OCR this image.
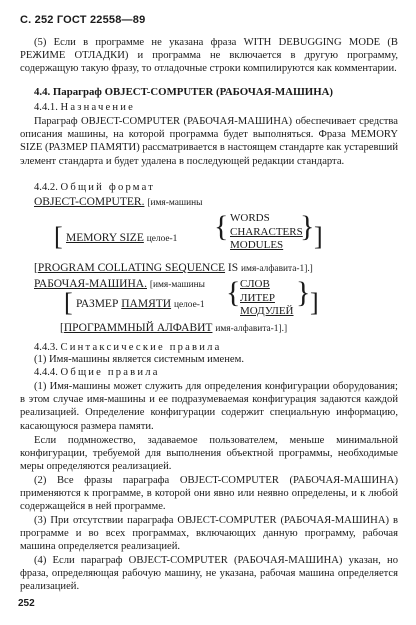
С. 252 ГОСТ 22558—89
(5) Если в программе не указана фраза WITH DEBUGGING MODE (В РЕЖИМЕ ОТЛАДКИ) и программа не включается в другую программу, содержащую такую фразу, то отладочные строки компилируются как комментарии.
4.4. Параграф OBJECT-COMPUTER (РАБОЧАЯ-МАШИНА)
4.4.1. Назначение
Параграф OBJECT-COMPUTER (РАБОЧАЯ-МАШИНА) обеспечивает средства описания машины, на которой программа будет выполняться. Фраза MEMORY SIZE (РАЗМЕР ПАМЯТИ) рассматривается в настоящем стандарте как устаревший элемент стандарта и будет удалена в последующей редакции стандарта.
4.4.2. Общий формат
OBJECT-COMPUTER. [имя-машины
[ MEMORY SIZE целое-1 { WORDS
CHARACTERS
MODULES
} ]
[PROGRAM COLLATING SEQUENCE IS имя-алфавита-1].]
РАБОЧАЯ-МАШИНА. [имя-машины
[ РАЗМЕР ПАМЯТИ целое-1 { СЛОВ
ЛИТЕР
МОДУЛЕЙ
} ]
[ПРОГРАММНЫЙ АЛФАВИТ имя-алфавита-1].]
4.4.3. Синтаксические правила
(1) Имя-машины является системным именем.
4.4.4. Общие правила
(1) Имя-машины может служить для определения конфигурации оборудования; в этом случае имя-машины и ее подразумеваемая конфигурация задаются каждой реализацией. Определение конфигурации содержит специальную информацию, касающуюся размера памяти.
Если подмножество, задаваемое пользователем, меньше минимальной конфигурации, требуемой для выполнения объектной программы, необходимые меры определяются реализацией.
(2) Все фразы параграфа OBJECT-COMPUTER (РАБОЧАЯ-МАШИНА) применяются к программе, в которой они явно или неявно определены, и к любой содержащейся в ней программе.
(3) При отсутствии параграфа OBJECT-COMPUTER (РАБОЧАЯ-МАШИНА) в программе и во всех программах, включающих данную программу, рабочая машина определяется реализацией.
(4) Если параграф OBJECT-COMPUTER (РАБОЧАЯ-МАШИНА) указан, но фраза, определяющая рабочую машину, не указана, рабочая машина определяется реализацией.
252
